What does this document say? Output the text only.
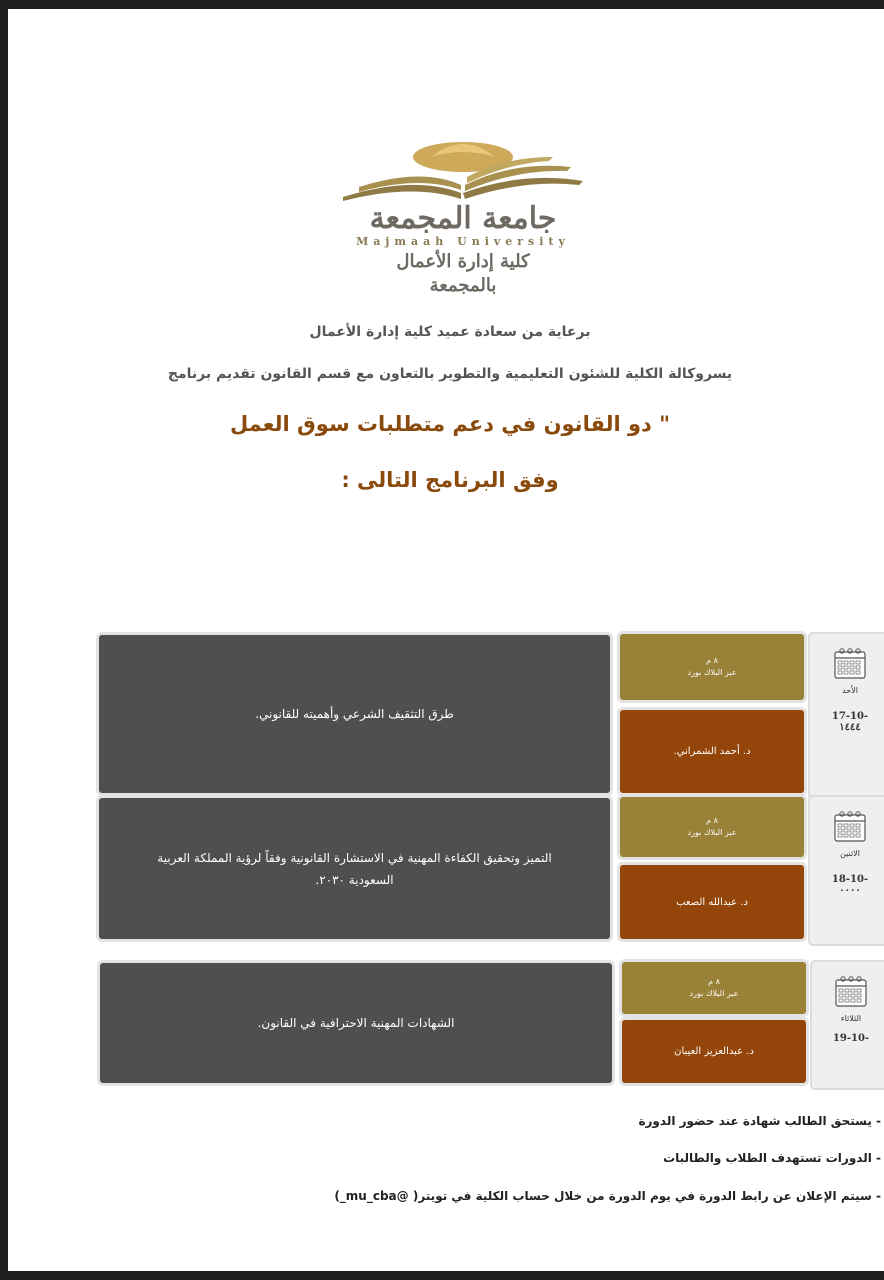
جامعة المجمعة
Majmaah University
كلية إدارة الأعمال
بالمجمعة
برعاية من سعادة عميد كلية إدارة الأعمال
يسروكالة الكلية للشئون التعليمية والتطوير بالتعاون مع قسم القانون تقديم برنامج
" دو القانون في دعم متطلبات سوق العمل
وفق البرنامج التالى :
طرق التثقيف الشرعي وأهميته للقانوني.
٨ م
عبر البلاك بورد
د. أحمد الشمراني.
الأحد
17-10-
١٤٤٤
التميز وتحقيق الكفاءة المهنية في الاستشارة القانونية وفقاً لرؤية المملكة العربية السعودية ٢٠٣٠.
٨ م
عبر البلاك بورد
د. عبدالله الصعب
الاثنين
18-10-
٠٠٠٠
الشهادات المهنية الاحترافية في القانون.
٨ م
عبر البلاك بورد
د. عبدالعزيز العيبان
الثلاثاء
19-10-
- يستحق الطالب شهادة عند حضور الدورة
- الدورات تستهدف الطلاب والطالبات
- سيتم الإعلان عن رابط الدورة في يوم الدورة من خلال حساب الكلية في تويتر( @mu_cba_)
